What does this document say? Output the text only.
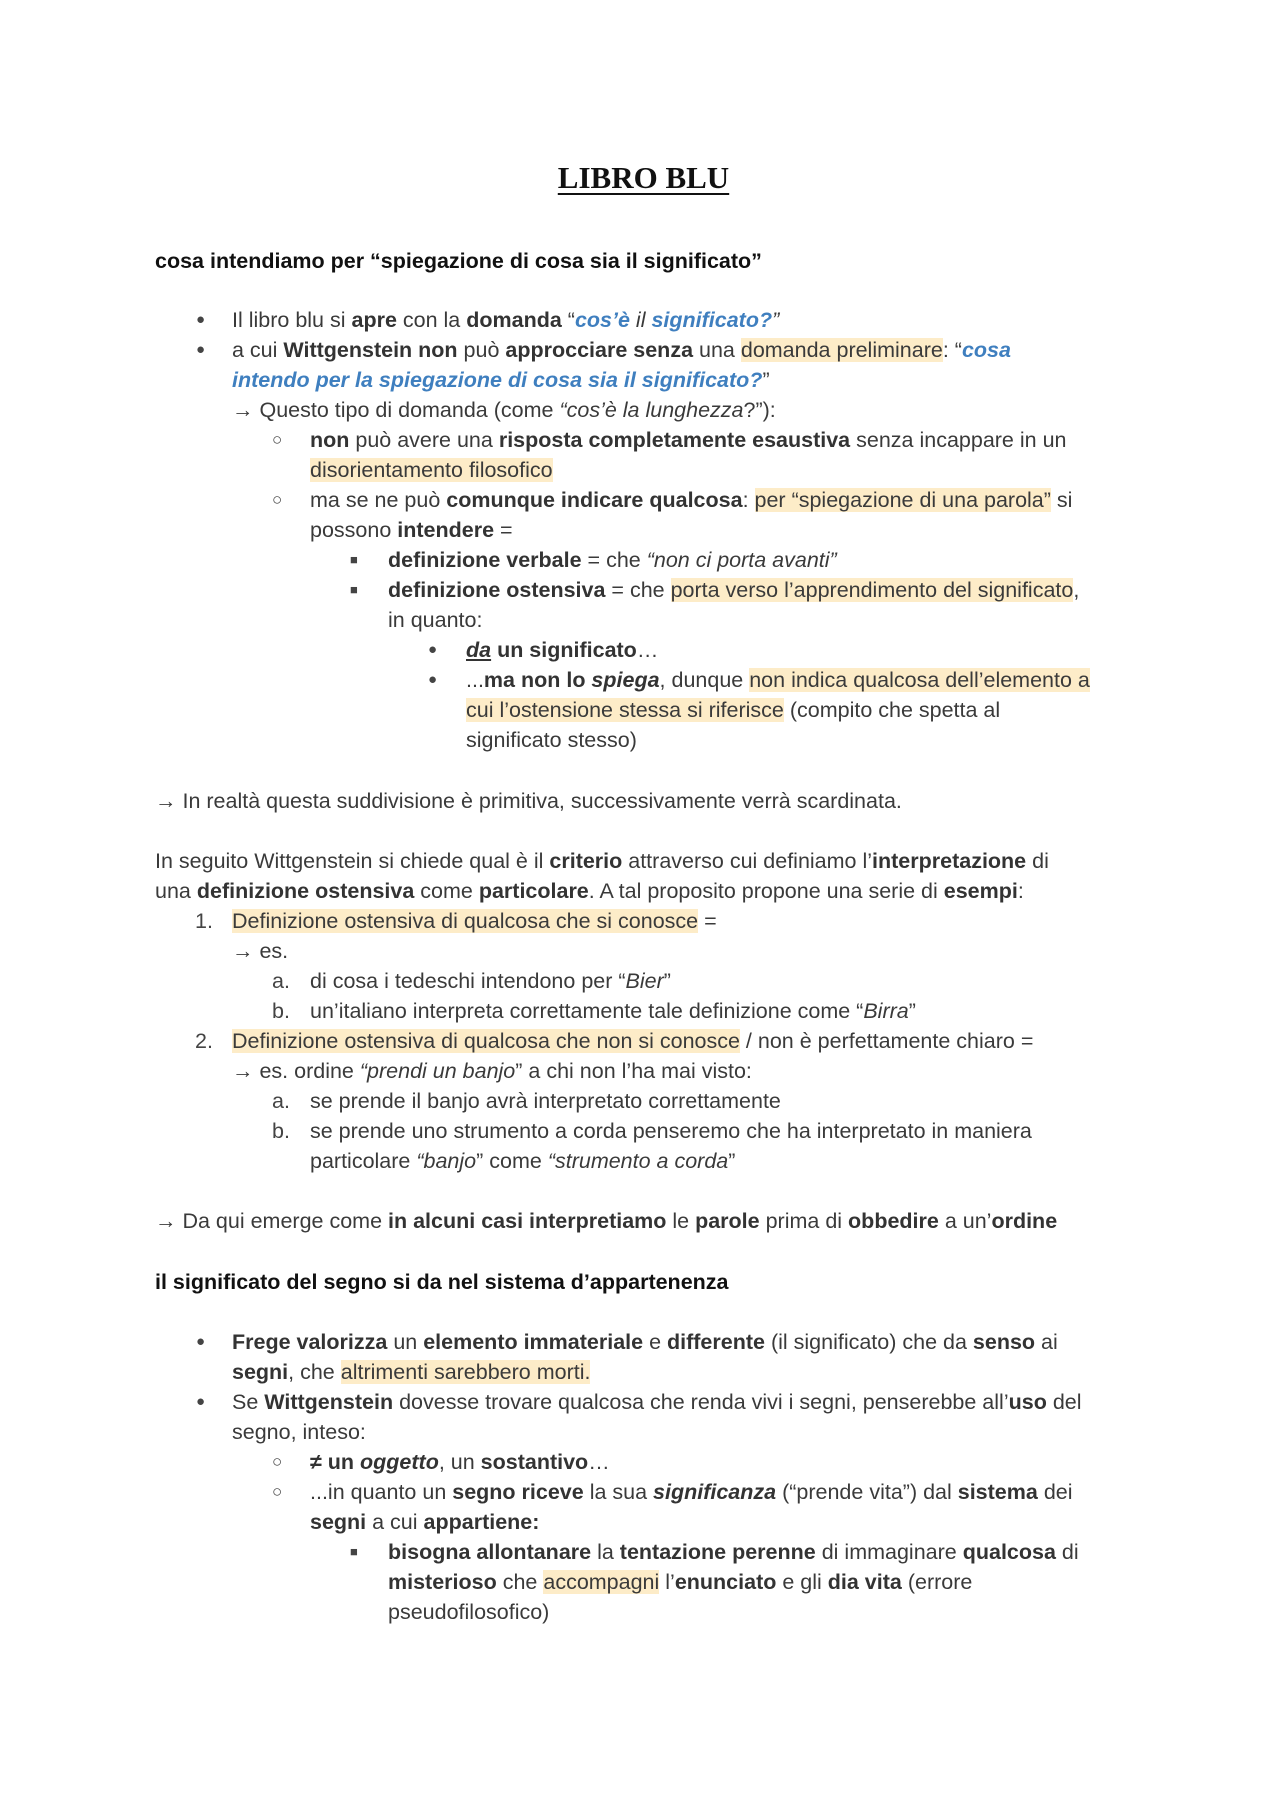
LIBRO BLU
cosa intendiamo per “spiegazione di cosa sia il significato”
● Il libro blu si apre con la domanda “cos’è il significato?”
● a cui Wittgenstein non può approcciare senza una domanda preliminare: “cosa
intendo per la spiegazione di cosa sia il significato?”
→ Questo tipo di domanda (come “cos’è la lunghezza?”):
○ non può avere una risposta completamente esaustiva senza incappare in un
disorientamento filosofico
○ ma se ne può comunque indicare qualcosa: per “spiegazione di una parola” si
possono intendere =
■ definizione verbale = che “non ci porta avanti”
■ definizione ostensiva = che porta verso l’apprendimento del significato,
in quanto:
● da un significato…
● ...ma non lo spiega, dunque non indica qualcosa dell’elemento a
cui l’ostensione stessa si riferisce (compito che spetta al
significato stesso)
→ In realtà questa suddivisione è primitiva, successivamente verrà scardinata.
In seguito Wittgenstein si chiede qual è il criterio attraverso cui definiamo l’interpretazione di
una definizione ostensiva come particolare. A tal proposito propone una serie di esempi:
1. Definizione ostensiva di qualcosa che si conosce =
→ es.
a. di cosa i tedeschi intendono per “Bier”
b. un’italiano interpreta correttamente tale definizione come “Birra”
2. Definizione ostensiva di qualcosa che non si conosce / non è perfettamente chiaro =
→ es. ordine “prendi un banjo” a chi non l’ha mai visto:
a. se prende il banjo avrà interpretato correttamente
b. se prende uno strumento a corda penseremo che ha interpretato in maniera
particolare “banjo” come “strumento a corda”
→ Da qui emerge come in alcuni casi interpretiamo le parole prima di obbedire a un’ordine
il significato del segno si da nel sistema d’appartenenza
● Frege valorizza un elemento immateriale e differente (il significato) che da senso ai
segni, che altrimenti sarebbero morti.
● Se Wittgenstein dovesse trovare qualcosa che renda vivi i segni, penserebbe all’uso del
segno, inteso:
○ ≠ un oggetto, un sostantivo…
○ ...in quanto un segno riceve la sua significanza (“prende vita”) dal sistema dei
segni a cui appartiene:
■ bisogna allontanare la tentazione perenne di immaginare qualcosa di
misterioso che accompagni l’enunciato e gli dia vita (errore
pseudofilosofico)
